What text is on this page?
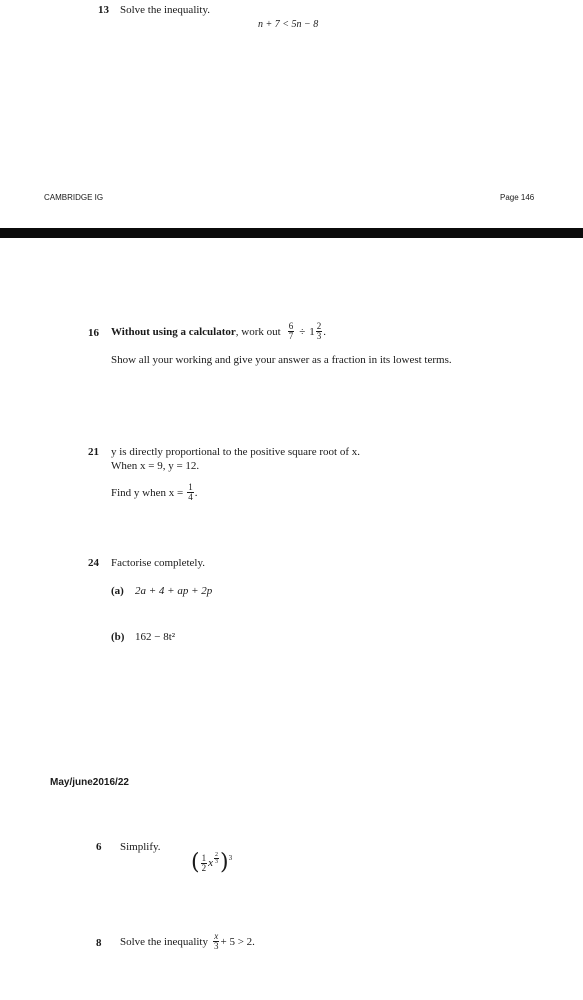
13 Solve the inequality.
n + 7 < 5n − 8
CAMBRIDGE IG	Page 146
16 Without using a calculator , work out $\frac{6}{7} \div 1 \frac{2}{3}$ .
Show all your working and give your answer as a fraction in its lowest terms.
21 y is directly proportional to the positive square root of x.
When x = 9, y = 12.
Find y when $x = \frac{1}{4}$ .
24 Factorise completely.
(a) 2a + 4 + ap + 2p
(b) 162 − 8t²
May/june2016/22
6 Simplify.
( $\frac{1}{2}$ x $\frac{2}{3}$ ) 3
8 Solve the inequality $\frac{x}{3} + 5 > 2$.
